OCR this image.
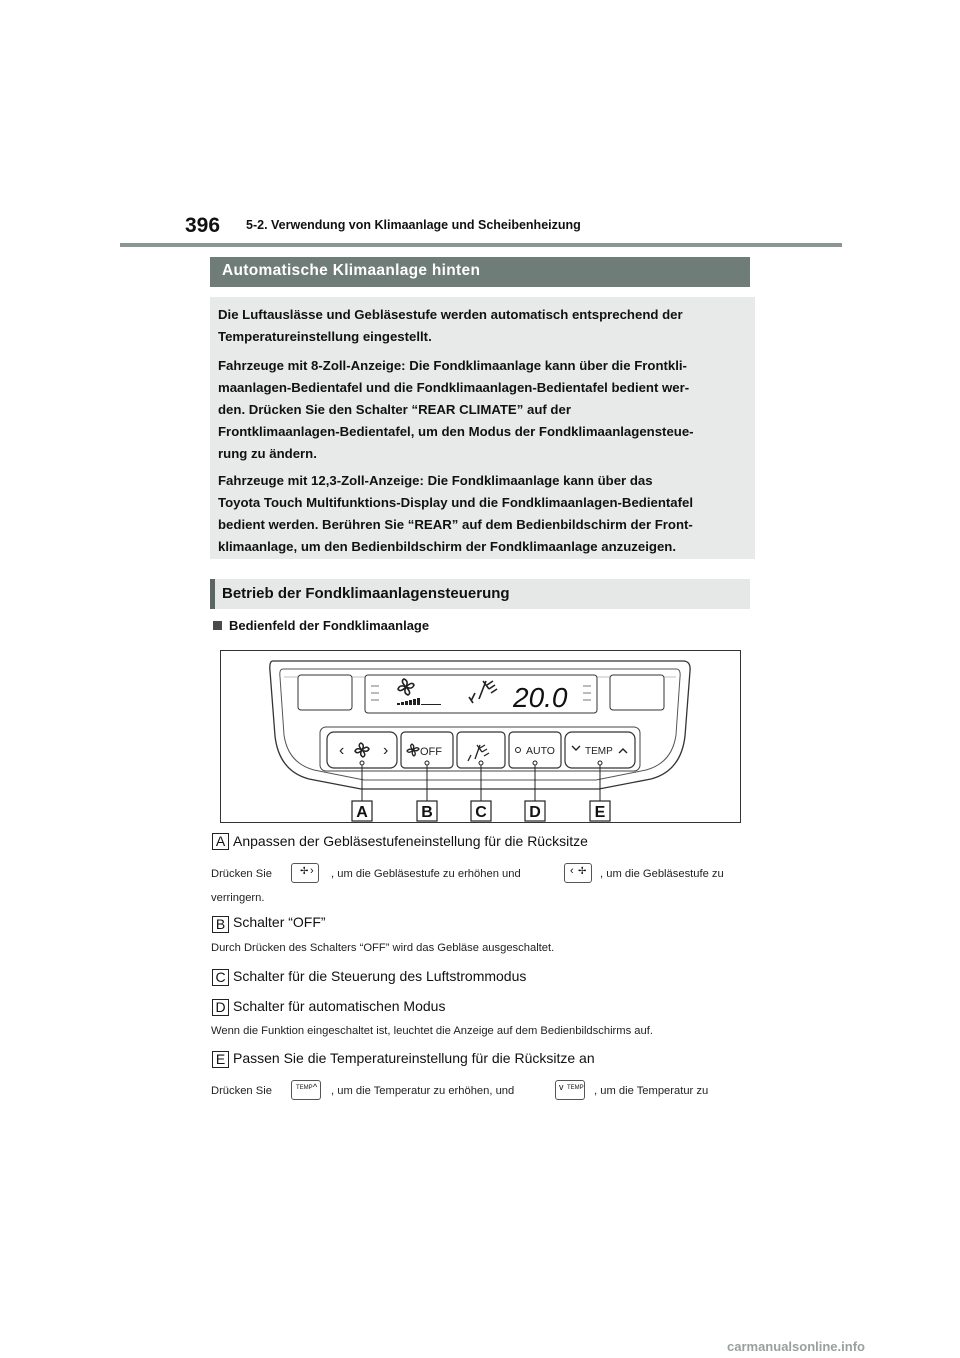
396 5-2. Verwendung von Klimaanlage und Scheibenheizung
Automatische Klimaanlage hinten

Die Luftauslässe und Gebläsestufe werden automatisch entsprechend der

Temperatureinstellung eingestellt.

Fahrzeuge mit 8-Zoll-Anzeige: Die Fondklimaanlage kann über die Frontkli-

maanlagen-Bedientafel und die Fondklimaanlagen-Bedientafel bedient wer-

den. Drücken Sie den Schalter “REAR CLIMATE” auf der

Frontklimaanlagen-Bedientafel, um den Modus der Fondklimaanlagensteue-

rung zu ändern.

Fahrzeuge mit 12,3-Zoll-Anzeige: Die Fondklimaanlage kann über das

Toyota Touch Multifunktions-Display und die Fondklimaanlagen-Bedientafel

bedient werden. Berühren Sie “REAR” auf dem Bedienbildschirm der Front-

klimaanlage, um den Bedienbildschirm der Fondklimaanlage anzuzeigen.

Betrieb der Fondklimaanlagensteuerung
Bedienfeld der Fondklimaanlage
20.0
‹ ›	OFF	AUTO	TEMP
A	B	C	D	E
A Anpassen der Gebläsestufeneinstellung für die Rücksitze
Drücken Sie	✢ › , um die Gebläsestufe zu erhöhen und	‹ ✢ , um die Gebläsestufe zu
verringern.
B Schalter “OFF”
Durch Drücken des Schalters “OFF” wird das Gebläse ausgeschaltet.
C Schalter für die Steuerung des Luftstrommodus
D Schalter für automatischen Modus
Wenn die Funktion eingeschaltet ist, leuchtet die Anzeige auf dem Bedienbildschirms auf.
E Passen Sie die Temperatureinstellung für die Rücksitze an
Drücken Sie	TEMP ^ , um die Temperatur zu erhöhen, und	v TEMP , um die Temperatur zu
carmanualsonline.info
